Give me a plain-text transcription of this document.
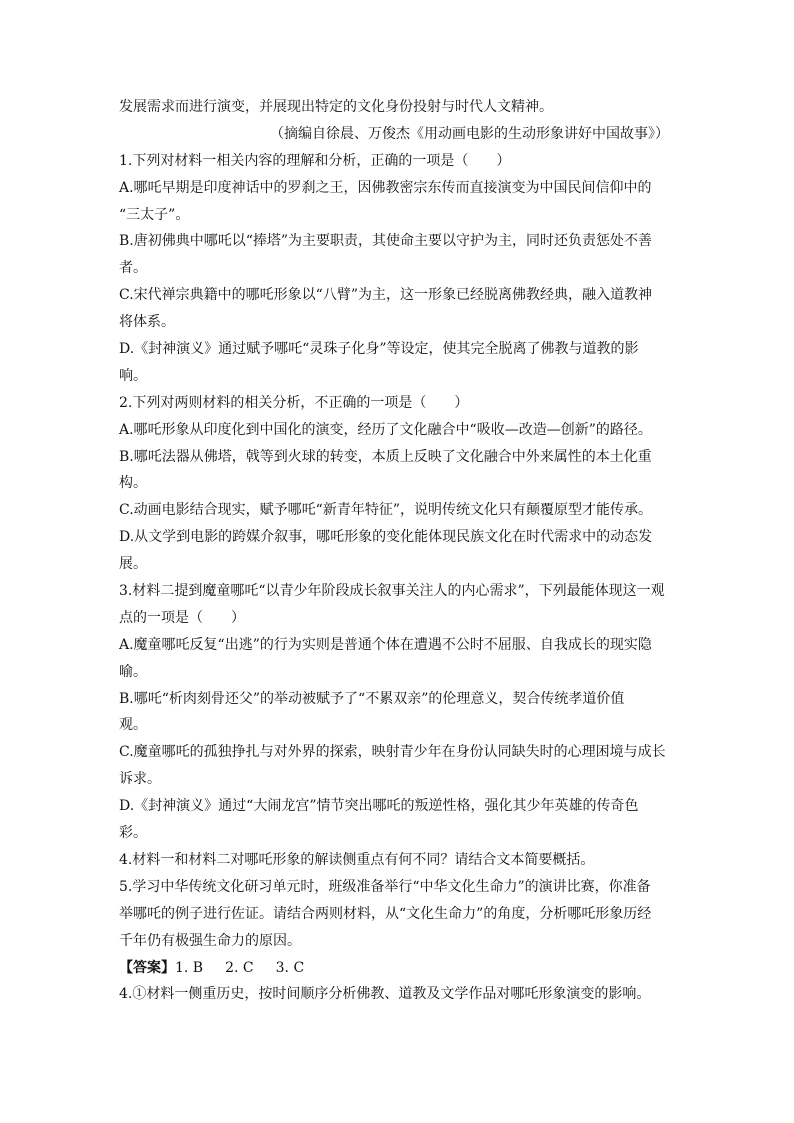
发展需求而进行演变，并展现出特定的文化身份投射与时代人文精神。
（摘编自徐晨、万俊杰《用动画电影的生动形象讲好中国故事》）
1.下列对材料一相关内容的理解和分析，正确的一项是（　　）
A.哪吒早期是印度神话中的罗刹之王，因佛教密宗东传而直接演变为中国民间信仰中的
“三太子”。
B.唐初佛典中哪吒以“捧塔”为主要职责，其使命主要以守护为主，同时还负责惩处不善
者。
C.宋代禅宗典籍中的哪吒形象以“八臂”为主，这一形象已经脱离佛教经典，融入道教神
将体系。
D.《封神演义》通过赋予哪吒“灵珠子化身”等设定，使其完全脱离了佛教与道教的影
响。
2.下列对两则材料的相关分析，不正确的一项是（　　）
A.哪吒形象从印度化到中国化的演变，经历了文化融合中“吸收—改造—创新”的路径。
B.哪吒法器从佛塔，戟等到火球的转变，本质上反映了文化融合中外来属性的本土化重
构。
C.动画电影结合现实，赋予哪吒“新青年特征”，说明传统文化只有颠覆原型才能传承。
D.从文学到电影的跨媒介叙事，哪吒形象的变化能体现民族文化在时代需求中的动态发
展。
3.材料二提到魔童哪吒“以青少年阶段成长叙事关注人的内心需求”，下列最能体现这一观
点的一项是（　　）
A.魔童哪吒反复“出逃”的行为实则是普通个体在遭遇不公时不屈服、自我成长的现实隐
喻。
B.哪吒“析肉刻骨还父”的举动被赋予了“不累双亲”的伦理意义，契合传统孝道价值
观。
C.魔童哪吒的孤独挣扎与对外界的探索，映射青少年在身份认同缺失时的心理困境与成长
诉求。
D.《封神演义》通过“大闹龙宫”情节突出哪吒的叛逆性格，强化其少年英雄的传奇色
彩。
4.材料一和材料二对哪吒形象的解读侧重点有何不同？请结合文本简要概括。
5.学习中华传统文化研习单元时，班级准备举行“中华文化生命力”的演讲比赛，你准备
举哪吒的例子进行佐证。请结合两则材料，从“文化生命力”的角度，分析哪吒形象历经
千年仍有极强生命力的原因。
【答案】1. B 2. C 3. C
4.①材料一侧重历史，按时间顺序分析佛教、道教及文学作品对哪吒形象演变的影响。
